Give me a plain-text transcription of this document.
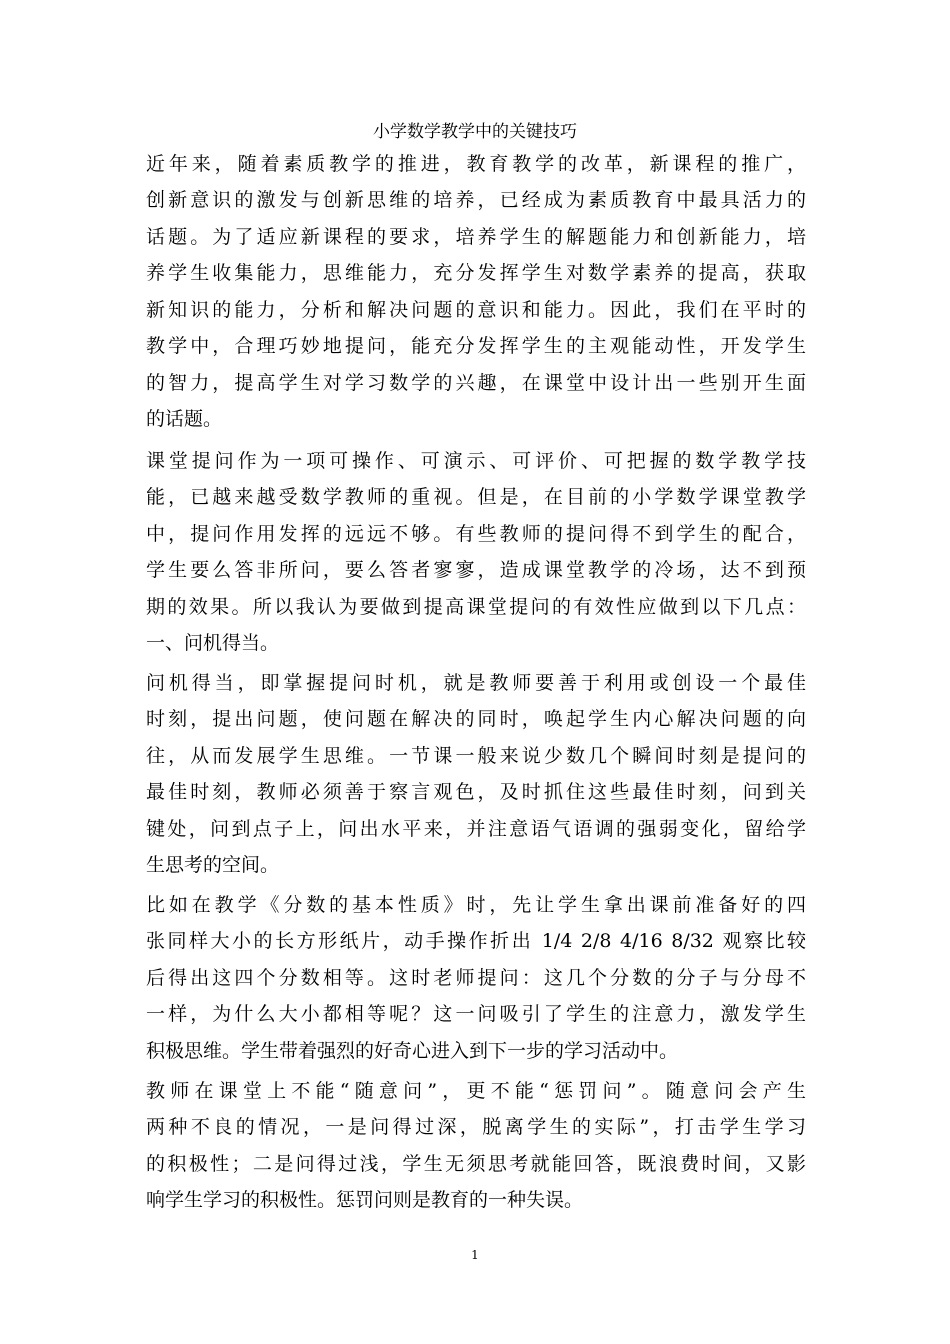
小学数学教学中的关键技巧
近年来，随着素质教学的推进，教育教学的改革，新课程的推广，
创新意识的激发与创新思维的培养，已经成为素质教育中最具活力的
话题。为了适应新课程的要求，培养学生的解题能力和创新能力，培
养学生收集能力，思维能力，充分发挥学生对数学素养的提高，获取
新知识的能力，分析和解决问题的意识和能力。因此，我们在平时的
教学中，合理巧妙地提问，能充分发挥学生的主观能动性，开发学生
的智力，提高学生对学习数学的兴趣，在课堂中设计出一些别开生面
的话题。
课堂提问作为一项可操作、可演示、可评价、可把握的数学教学技
能，已越来越受数学教师的重视。但是，在目前的小学数学课堂教学
中，提问作用发挥的远远不够。有些教师的提问得不到学生的配合，
学生要么答非所问，要么答者寥寥，造成课堂教学的冷场，达不到预
期的效果。所以我认为要做到提高课堂提问的有效性应做到以下几点：
一、问机得当。
问机得当，即掌握提问时机，就是教师要善于利用或创设一个最佳
时刻，提出问题，使问题在解决的同时，唤起学生内心解决问题的向
往，从而发展学生思维。一节课一般来说少数几个瞬间时刻是提问的
最佳时刻，教师必须善于察言观色，及时抓住这些最佳时刻，问到关
键处，问到点子上，问出水平来，并注意语气语调的强弱变化，留给学
生思考的空间。
比如在教学《分数的基本性质》时，先让学生拿出课前准备好的四
张同样大小的长方形纸片，动手操作折出 1/4 2/8 4/16 8/32 观察比较
后得出这四个分数相等。这时老师提问：这几个分数的分子与分母不
一样，为什么大小都相等呢？这一问吸引了学生的注意力，激发学生
积极思维。学生带着强烈的好奇心进入到下一步的学习活动中。
教师在课堂上不能“随意问”，更不能“惩罚问”。随意问会产生
两种不良的情况，一是问得过深，脱离学生的实际”，打击学生学习
的积极性；二是问得过浅，学生无须思考就能回答，既浪费时间，又影
响学生学习的积极性。惩罚问则是教育的一种失误。
1
